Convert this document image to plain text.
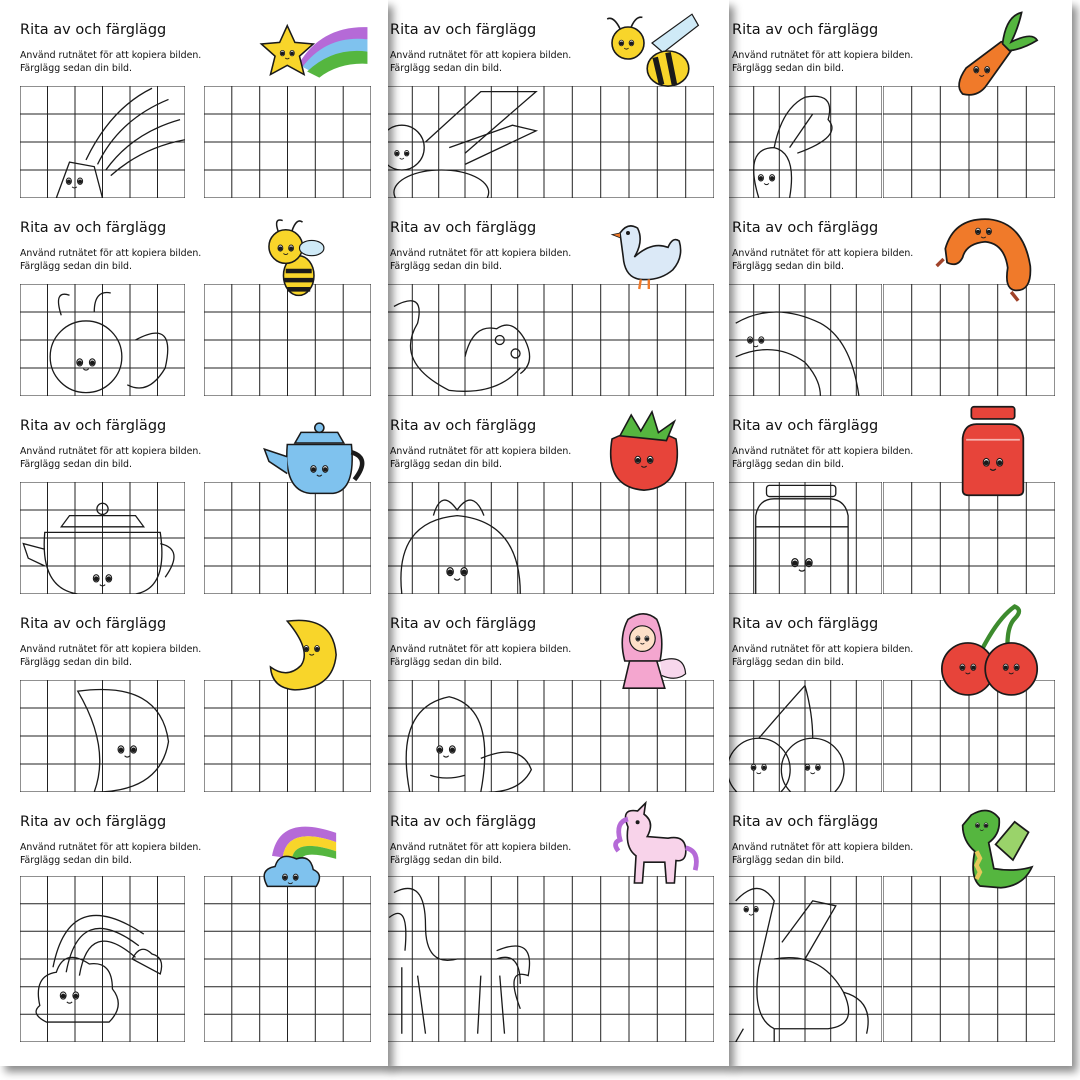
Rita av och färglägg
Använd rutnätet för att kopiera bilden.
Färglägg sedan din bild.
Rita av och färglägg
Använd rutnätet för att kopiera bilden.
Färglägg sedan din bild.
Rita av och färglägg
Använd rutnätet för att kopiera bilden.
Färglägg sedan din bild.
Rita av och färglägg
Använd rutnätet för att kopiera bilden.
Färglägg sedan din bild.
Rita av och färglägg
Använd rutnätet för att kopiera bilden.
Färglägg sedan din bild.
Rita av och färglägg
Använd rutnätet för att kopiera bilden.
Färglägg sedan din bild.
Rita av och färglägg
Använd rutnätet för att kopiera bilden.
Färglägg sedan din bild.
Rita av och färglägg
Använd rutnätet för att kopiera bilden.
Färglägg sedan din bild.
Rita av och färglägg
Använd rutnätet för att kopiera bilden.
Färglägg sedan din bild.
Rita av och färglägg
Använd rutnätet för att kopiera bilden.
Färglägg sedan din bild.
Rita av och färglägg
Använd rutnätet för att kopiera bilden.
Färglägg sedan din bild.
Rita av och färglägg
Använd rutnätet för att kopiera bilden.
Färglägg sedan din bild.
Rita av och färglägg
Använd rutnätet för att kopiera bilden.
Färglägg sedan din bild.
Rita av och färglägg
Använd rutnätet för att kopiera bilden.
Färglägg sedan din bild.
Rita av och färglägg
Använd rutnätet för att kopiera bilden.
Färglägg sedan din bild.
